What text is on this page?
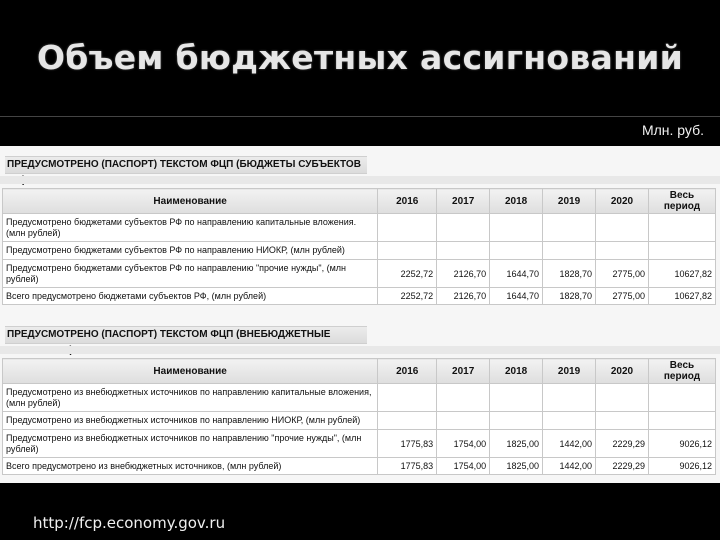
Объем бюджетных ассигнований
Млн. руб.
ПРЕДУСМОТРЕНО (ПАСПОРТ) ТЕКСТОМ ФЦП (БЮДЖЕТЫ СУБЪЕКТОВ
Наименование	2016	2017	2018	2019	2020	Весь период
Предусмотрено бюджетами субъектов РФ по направлению капитальные вложения. (млн рублей)						
Предусмотрено бюджетами субъектов РФ по направлению НИОКР, (млн рублей)						
Предусмотрено бюджетами субъектов РФ по направлению "прочие нужды", (млн рублей)	2252,72	2126,70	1644,70	1828,70	2775,00	10627,82
Всего предусмотрено бюджетами субъектов РФ, (млн рублей)	2252,72	2126,70	1644,70	1828,70	2775,00	10627,82
ПРЕДУСМОТРЕНО (ПАСПОРТ) ТЕКСТОМ ФЦП (ВНЕБЮДЖЕТНЫЕ
Наименование	2016	2017	2018	2019	2020	Весь период
Предусмотрено из внебюджетных источников по направлению капитальные вложения, (млн рублей)						
Предусмотрено из внебюджетных источников по направлению НИОКР, (млн рублей)						
Предусмотрено из внебюджетных источников по направлению "прочие нужды", (млн рублей)	1775,83	1754,00	1825,00	1442,00	2229,29	9026,12
Всего предусмотрено из внебюджетных источников, (млн рублей)	1775,83	1754,00	1825,00	1442,00	2229,29	9026,12
http://fcp.economy.gov.ru
